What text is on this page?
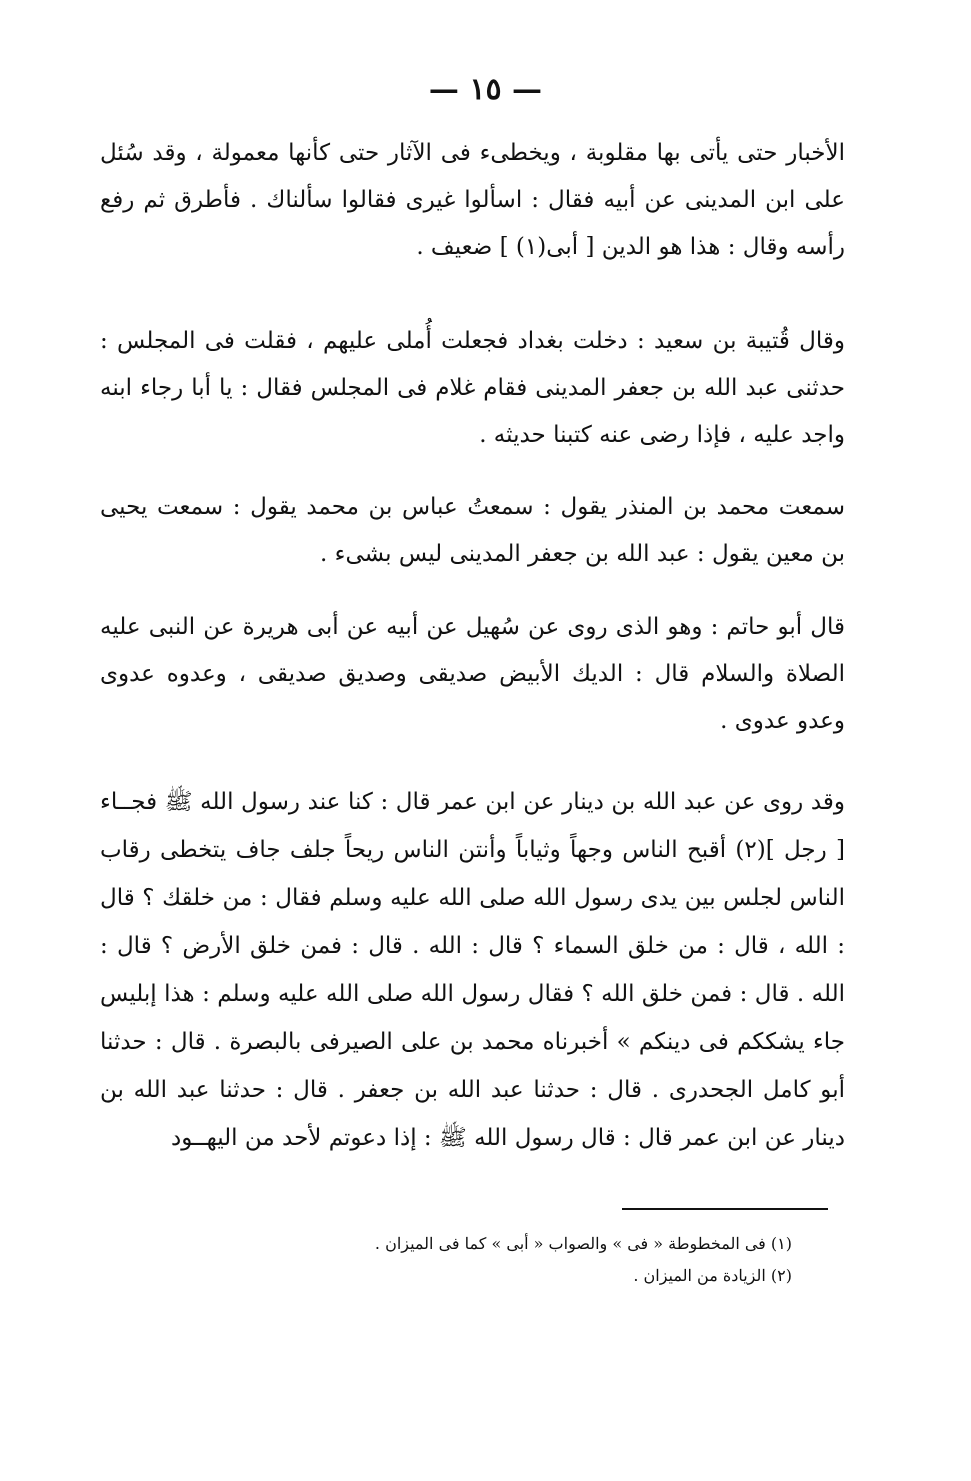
— ١٥ —

الأخبار حتى يأتى بها مقلوبة ، ويخطىء فى الآثار حتى كأنها معمولة ، وقد سُئل على ابن المدينى عن أبيه فقال : اسألوا غيرى فقالوا سألناك . فأطرق ثم رفع رأسه وقال : هذا هو الدين [ أبى(١) ] ضعيف .

وقال قُتيبة بن سعيد : دخلت بغداد فجعلت أُملى عليهم ، فقلت فى المجلس : حدثنى عبد الله بن جعفر المدينى فقام غلام فى المجلس فقال : يا أبا رجاء ابنه واجد عليه ، فإذا رضى عنه كتبنا حديثه .

سمعت محمد بن المنذر يقول : سمعتُ عباس بن محمد يقول : سمعت يحيى بن معين يقول : عبد الله بن جعفر المدينى ليس بشىء .

قال أبو حاتم : وهو الذى روى عن سُهيل عن أبيه عن أبى هريرة عن النبى عليه الصلاة والسلام قال : الديك الأبيض صديقى وصديق صديقى ، وعدوه عدوى وعدو عدوى .

وقد روى عن عبد الله بن دينار عن ابن عمر قال : كنا عند رسول الله ﷺ فجــاء [ رجل ](٢) أقبح الناس وجهاً وثياباً وأنتن الناس ريحاً جلف جاف يتخطى رقاب الناس لجلس بين يدى رسول الله صلى الله عليه وسلم فقال : من خلقك ؟ قال : الله ، قال : من خلق السماء ؟ قال : الله . قال : فمن خلق الأرض ؟ قال : الله . قال : فمن خلق الله ؟ فقال رسول الله صلى الله عليه وسلم : هذا إبليس جاء يشككم فى دينكم » أخبرناه محمد بن على الصيرفى بالبصرة . قال : حدثنا أبو كامل الجحدرى . قال : حدثنا عبد الله بن جعفر . قال : حدثنا عبد الله بن دينار عن ابن عمر قال : قال رسول الله ﷺ : إذا دعوتم لأحد من اليهــود

(١) فى المخطوطة « فى » والصواب « أبى » كما فى الميزان .

(٢) الزيادة من الميزان .
